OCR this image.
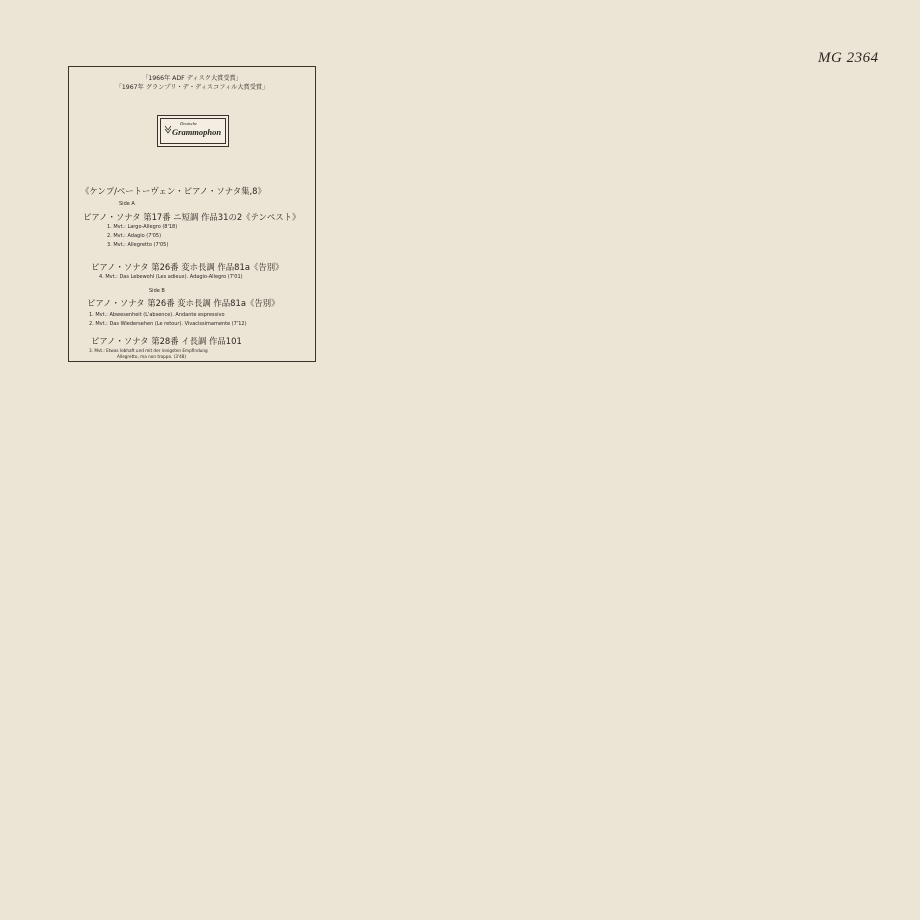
MG 2364
「1966年 ADF ディスク大賞受賞」
「1967年 グランプリ・デ・ディスコフィル大賞受賞」
Deutsche
Grammophon
《ケンプ/ベートーヴェン・ピアノ・ソナタ集,8》
Side A
ピアノ・ソナタ 第17番 ニ短調 作品31の2《テンペスト》
1. Mvt.: Largo-Allegro (8'18)
2. Mvt.: Adagio (7'05)
3. Mvt.: Allegretto (7'05)
ピアノ・ソナタ 第26番 変ホ長調 作品81a《告別》
4. Mvt.: Das Lebewohl (Les adieux). Adagio-Allegro (7'01)
Side B
ピアノ・ソナタ 第26番 変ホ長調 作品81a《告別》
1. Mvt.: Abwesenheit (L'absence). Andante espressivo
2. Mvt.: Das Wiedersehen (Le retour). Vivacissimamente (7'12)
ピアノ・ソナタ 第28番 イ長調 作品101
3. Mvt.: Etwas lebhaft und mit der innigsten Empfindung
Allegretto, ma non troppo. (3'48)
